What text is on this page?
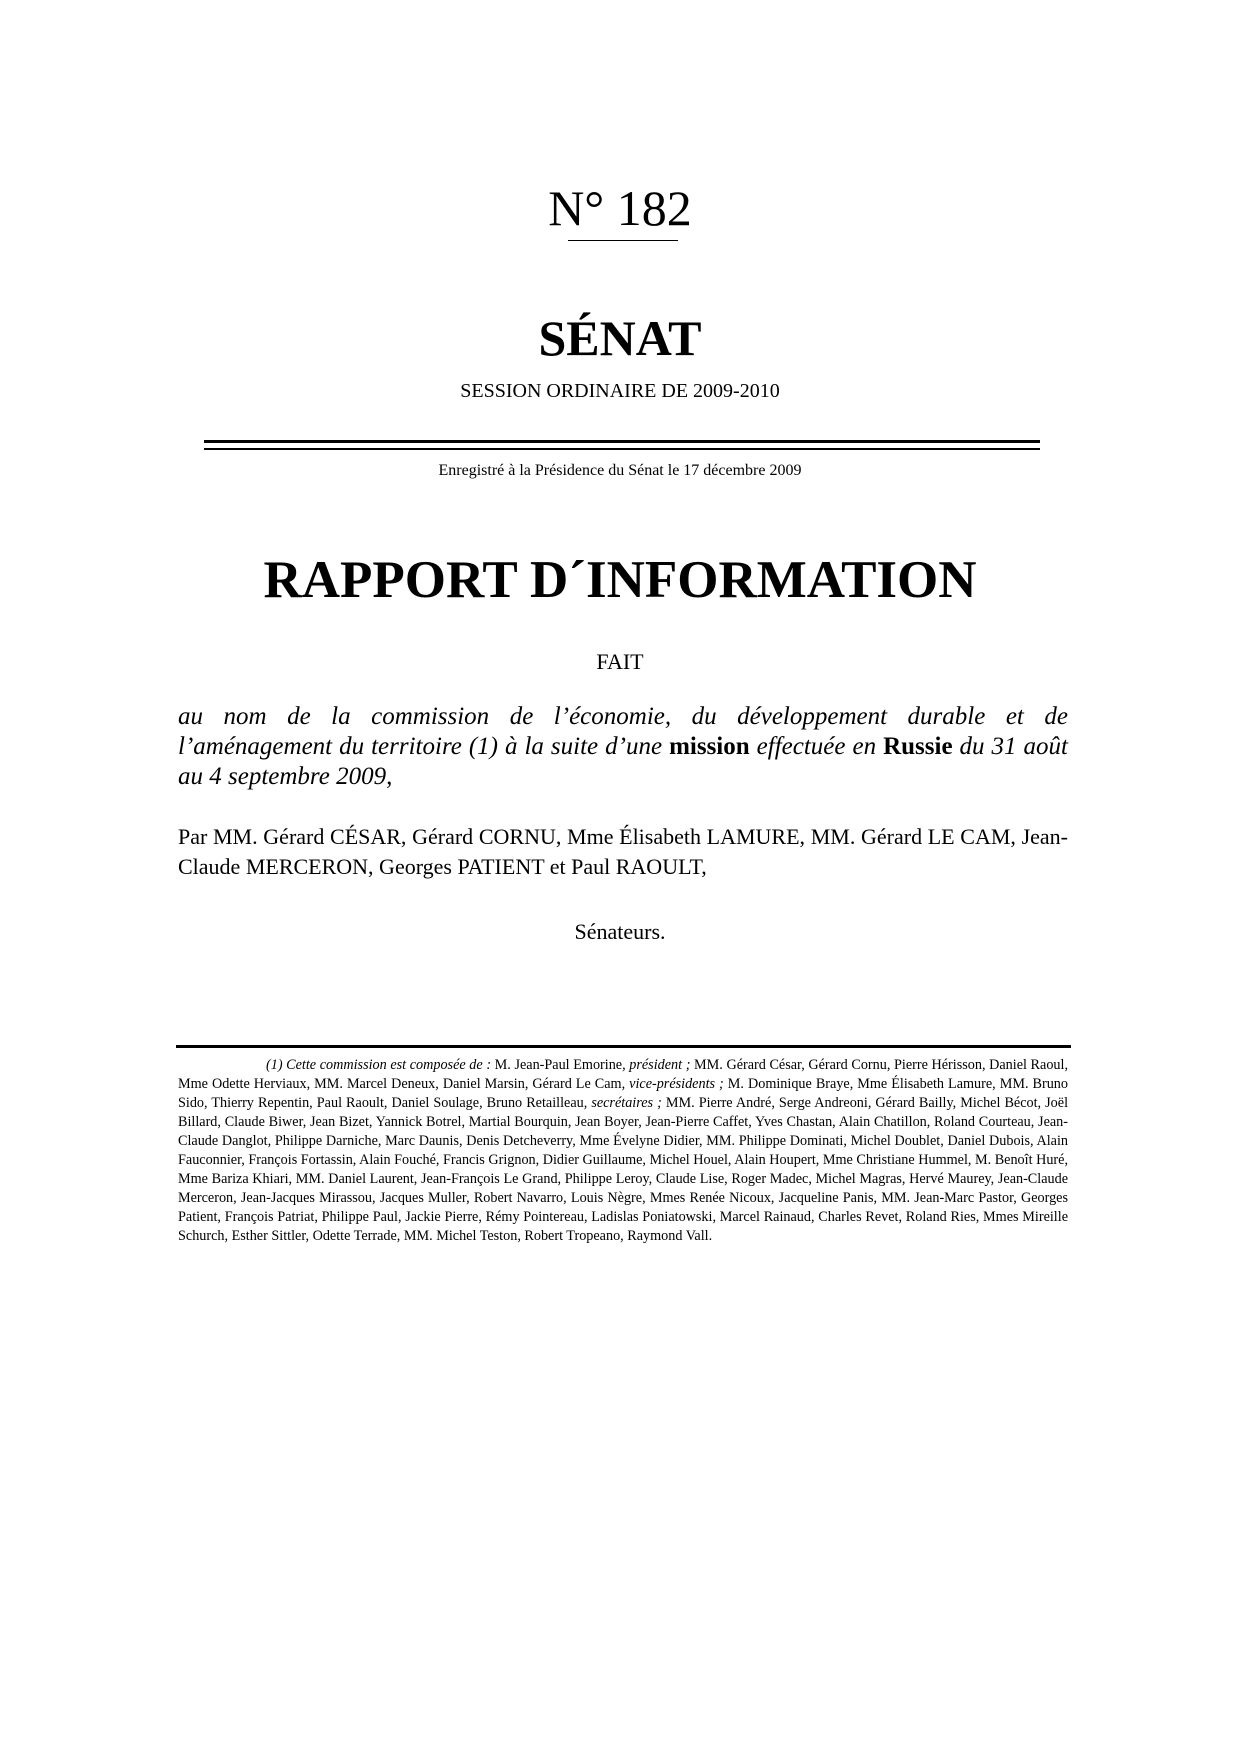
N° 182
SÉNAT
SESSION ORDINAIRE DE 2009-2010
Enregistré à la Présidence du Sénat le 17 décembre 2009
RAPPORT D´INFORMATION
FAIT
au nom de la commission de l’économie, du développement durable et de l’aménagement du territoire (1) à la suite d’une mission effectuée en Russie du 31 août au 4 septembre 2009,
Par MM. Gérard CÉSAR, Gérard CORNU, Mme Élisabeth LAMURE, MM. Gérard LE CAM, Jean-Claude MERCERON, Georges PATIENT et Paul RAOULT,
Sénateurs.
(1) Cette commission est composée de : M. Jean-Paul Emorine, président ; MM. Gérard César, Gérard Cornu, Pierre Hérisson, Daniel Raoul, Mme Odette Herviaux, MM. Marcel Deneux, Daniel Marsin, Gérard Le Cam, vice-présidents ; M. Dominique Braye, Mme Élisabeth Lamure, MM. Bruno Sido, Thierry Repentin, Paul Raoult, Daniel Soulage, Bruno Retailleau, secrétaires ; MM. Pierre André, Serge Andreoni, Gérard Bailly, Michel Bécot, Joël Billard, Claude Biwer, Jean Bizet, Yannick Botrel, Martial Bourquin, Jean Boyer, Jean-Pierre Caffet, Yves Chastan, Alain Chatillon, Roland Courteau, Jean-Claude Danglot, Philippe Darniche, Marc Daunis, Denis Detcheverry, Mme Évelyne Didier, MM. Philippe Dominati, Michel Doublet, Daniel Dubois, Alain Fauconnier, François Fortassin, Alain Fouché, Francis Grignon, Didier Guillaume, Michel Houel, Alain Houpert, Mme Christiane Hummel, M. Benoît Huré, Mme Bariza Khiari, MM. Daniel Laurent, Jean-François Le Grand, Philippe Leroy, Claude Lise, Roger Madec, Michel Magras, Hervé Maurey, Jean-Claude Merceron, Jean-Jacques Mirassou, Jacques Muller, Robert Navarro, Louis Nègre, Mmes Renée Nicoux, Jacqueline Panis, MM. Jean-Marc Pastor, Georges Patient, François Patriat, Philippe Paul, Jackie Pierre, Rémy Pointereau, Ladislas Poniatowski, Marcel Rainaud, Charles Revet, Roland Ries, Mmes Mireille Schurch, Esther Sittler, Odette Terrade, MM. Michel Teston, Robert Tropeano, Raymond Vall.
